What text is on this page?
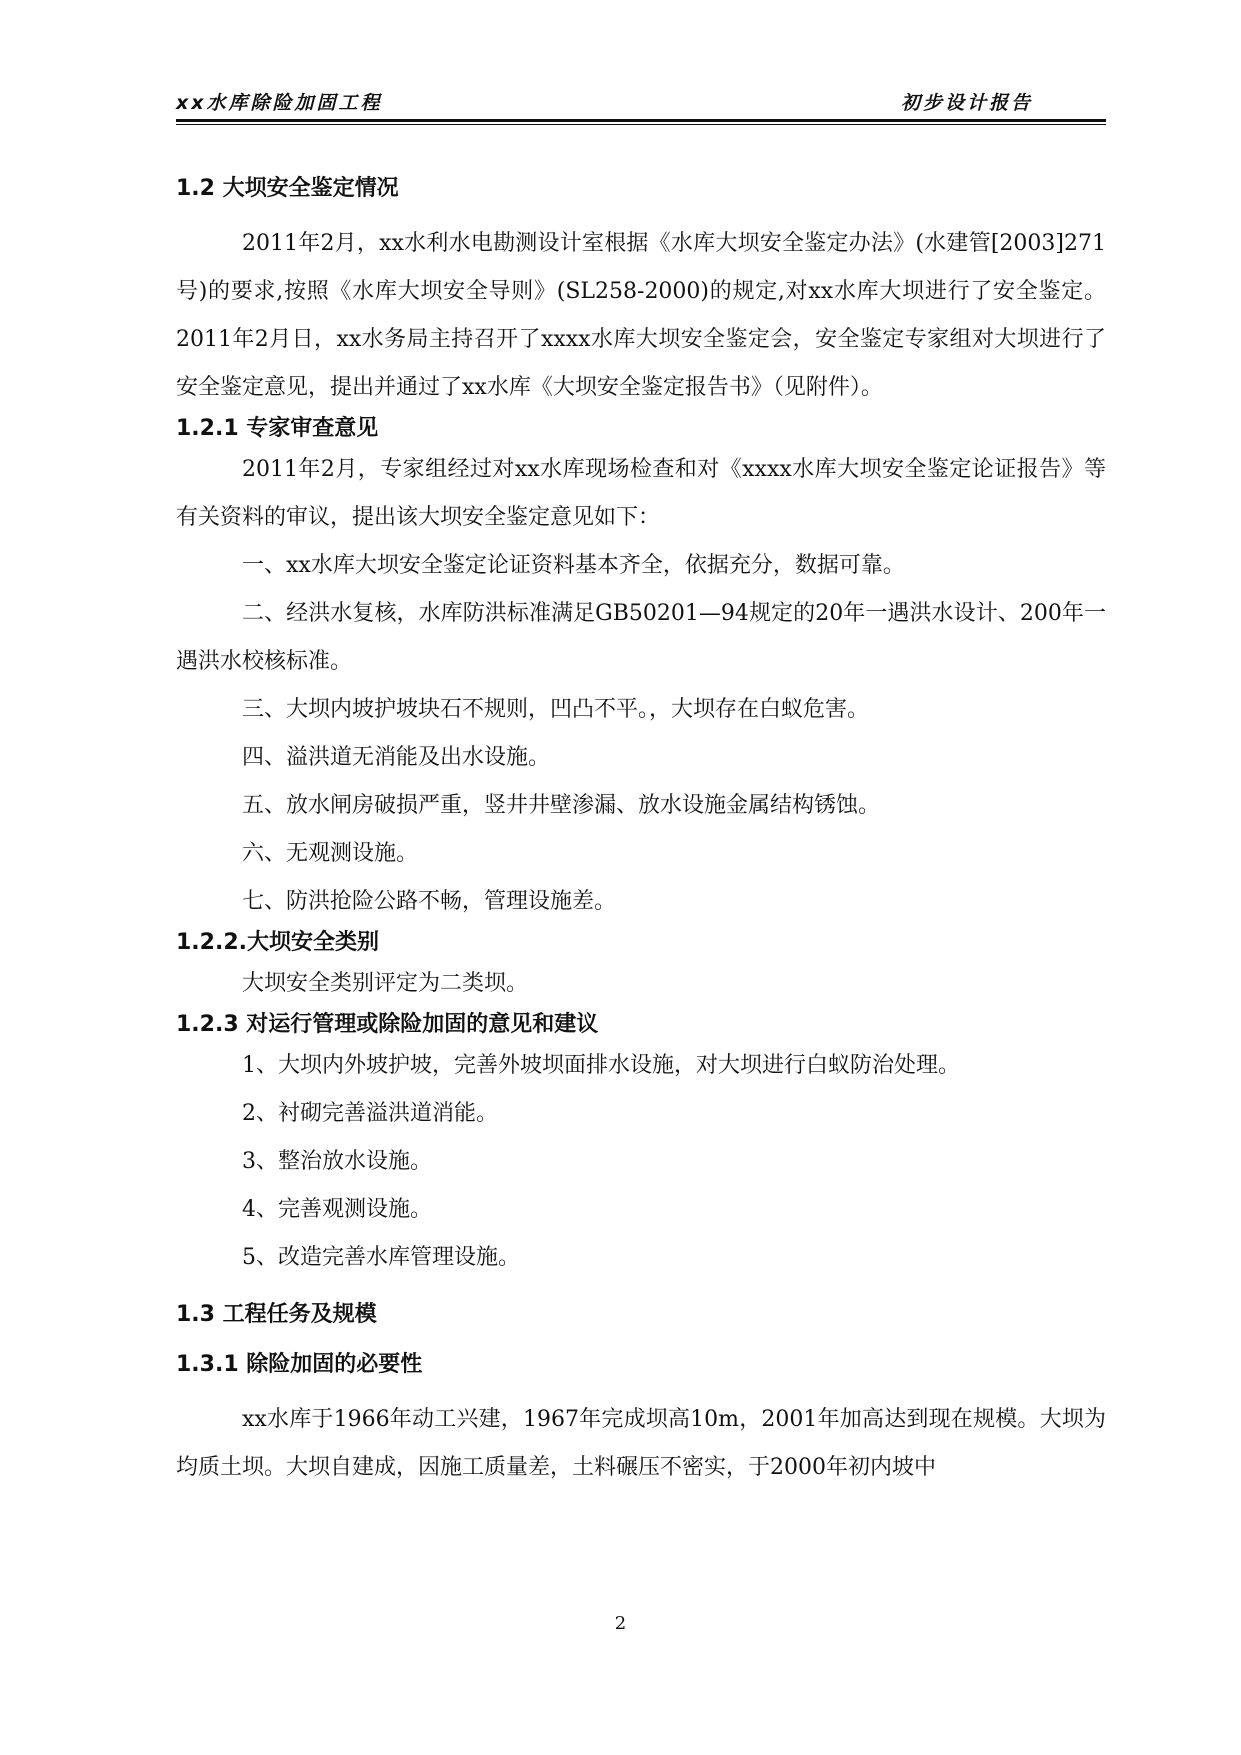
xx水库除险加固工程	初步设计报告
1.2 大坝安全鉴定情况

2011年2月，xx水利水电勘测设计室根据《水库大坝安全鉴定办法》(水建管[2003]271号)的要求,按照《水库大坝安全导则》(SL258-2000)的规定,对xx水库大坝进行了安全鉴定。2011年2月日，xx水务局主持召开了xxxx水库大坝安全鉴定会，安全鉴定专家组对大坝进行了安全鉴定意见，提出并通过了xx水库《大坝安全鉴定报告书》（见附件）。

1.2.1 专家审查意见

2011年2月，专家组经过对xx水库现场检查和对《xxxx水库大坝安全鉴定论证报告》等有关资料的审议，提出该大坝安全鉴定意见如下：

一、xx水库大坝安全鉴定论证资料基本齐全，依据充分，数据可靠。

二、经洪水复核，水库防洪标准满足GB50201—94规定的20年一遇洪水设计、200年一遇洪水校核标准。

三、大坝内坡护坡块石不规则，凹凸不平。，大坝存在白蚁危害。

四、溢洪道无消能及出水设施。

五、放水闸房破损严重，竖井井壁渗漏、放水设施金属结构锈蚀。

六、无观测设施。

七、防洪抢险公路不畅，管理设施差。

1.2.2.大坝安全类别

大坝安全类别评定为二类坝。

1.2.3 对运行管理或除险加固的意见和建议

1、大坝内外坡护坡，完善外坡坝面排水设施，对大坝进行白蚁防治处理。

2、衬砌完善溢洪道消能。

3、整治放水设施。

4、完善观测设施。

5、改造完善水库管理设施。

1.3 工程任务及规模
1.3.1 除险加固的必要性

xx水库于1966年动工兴建，1967年完成坝高10m，2001年加高达到现在规模。大坝为均质土坝。大坝自建成，因施工质量差，土料碾压不密实，于2000年初内坡中

2
